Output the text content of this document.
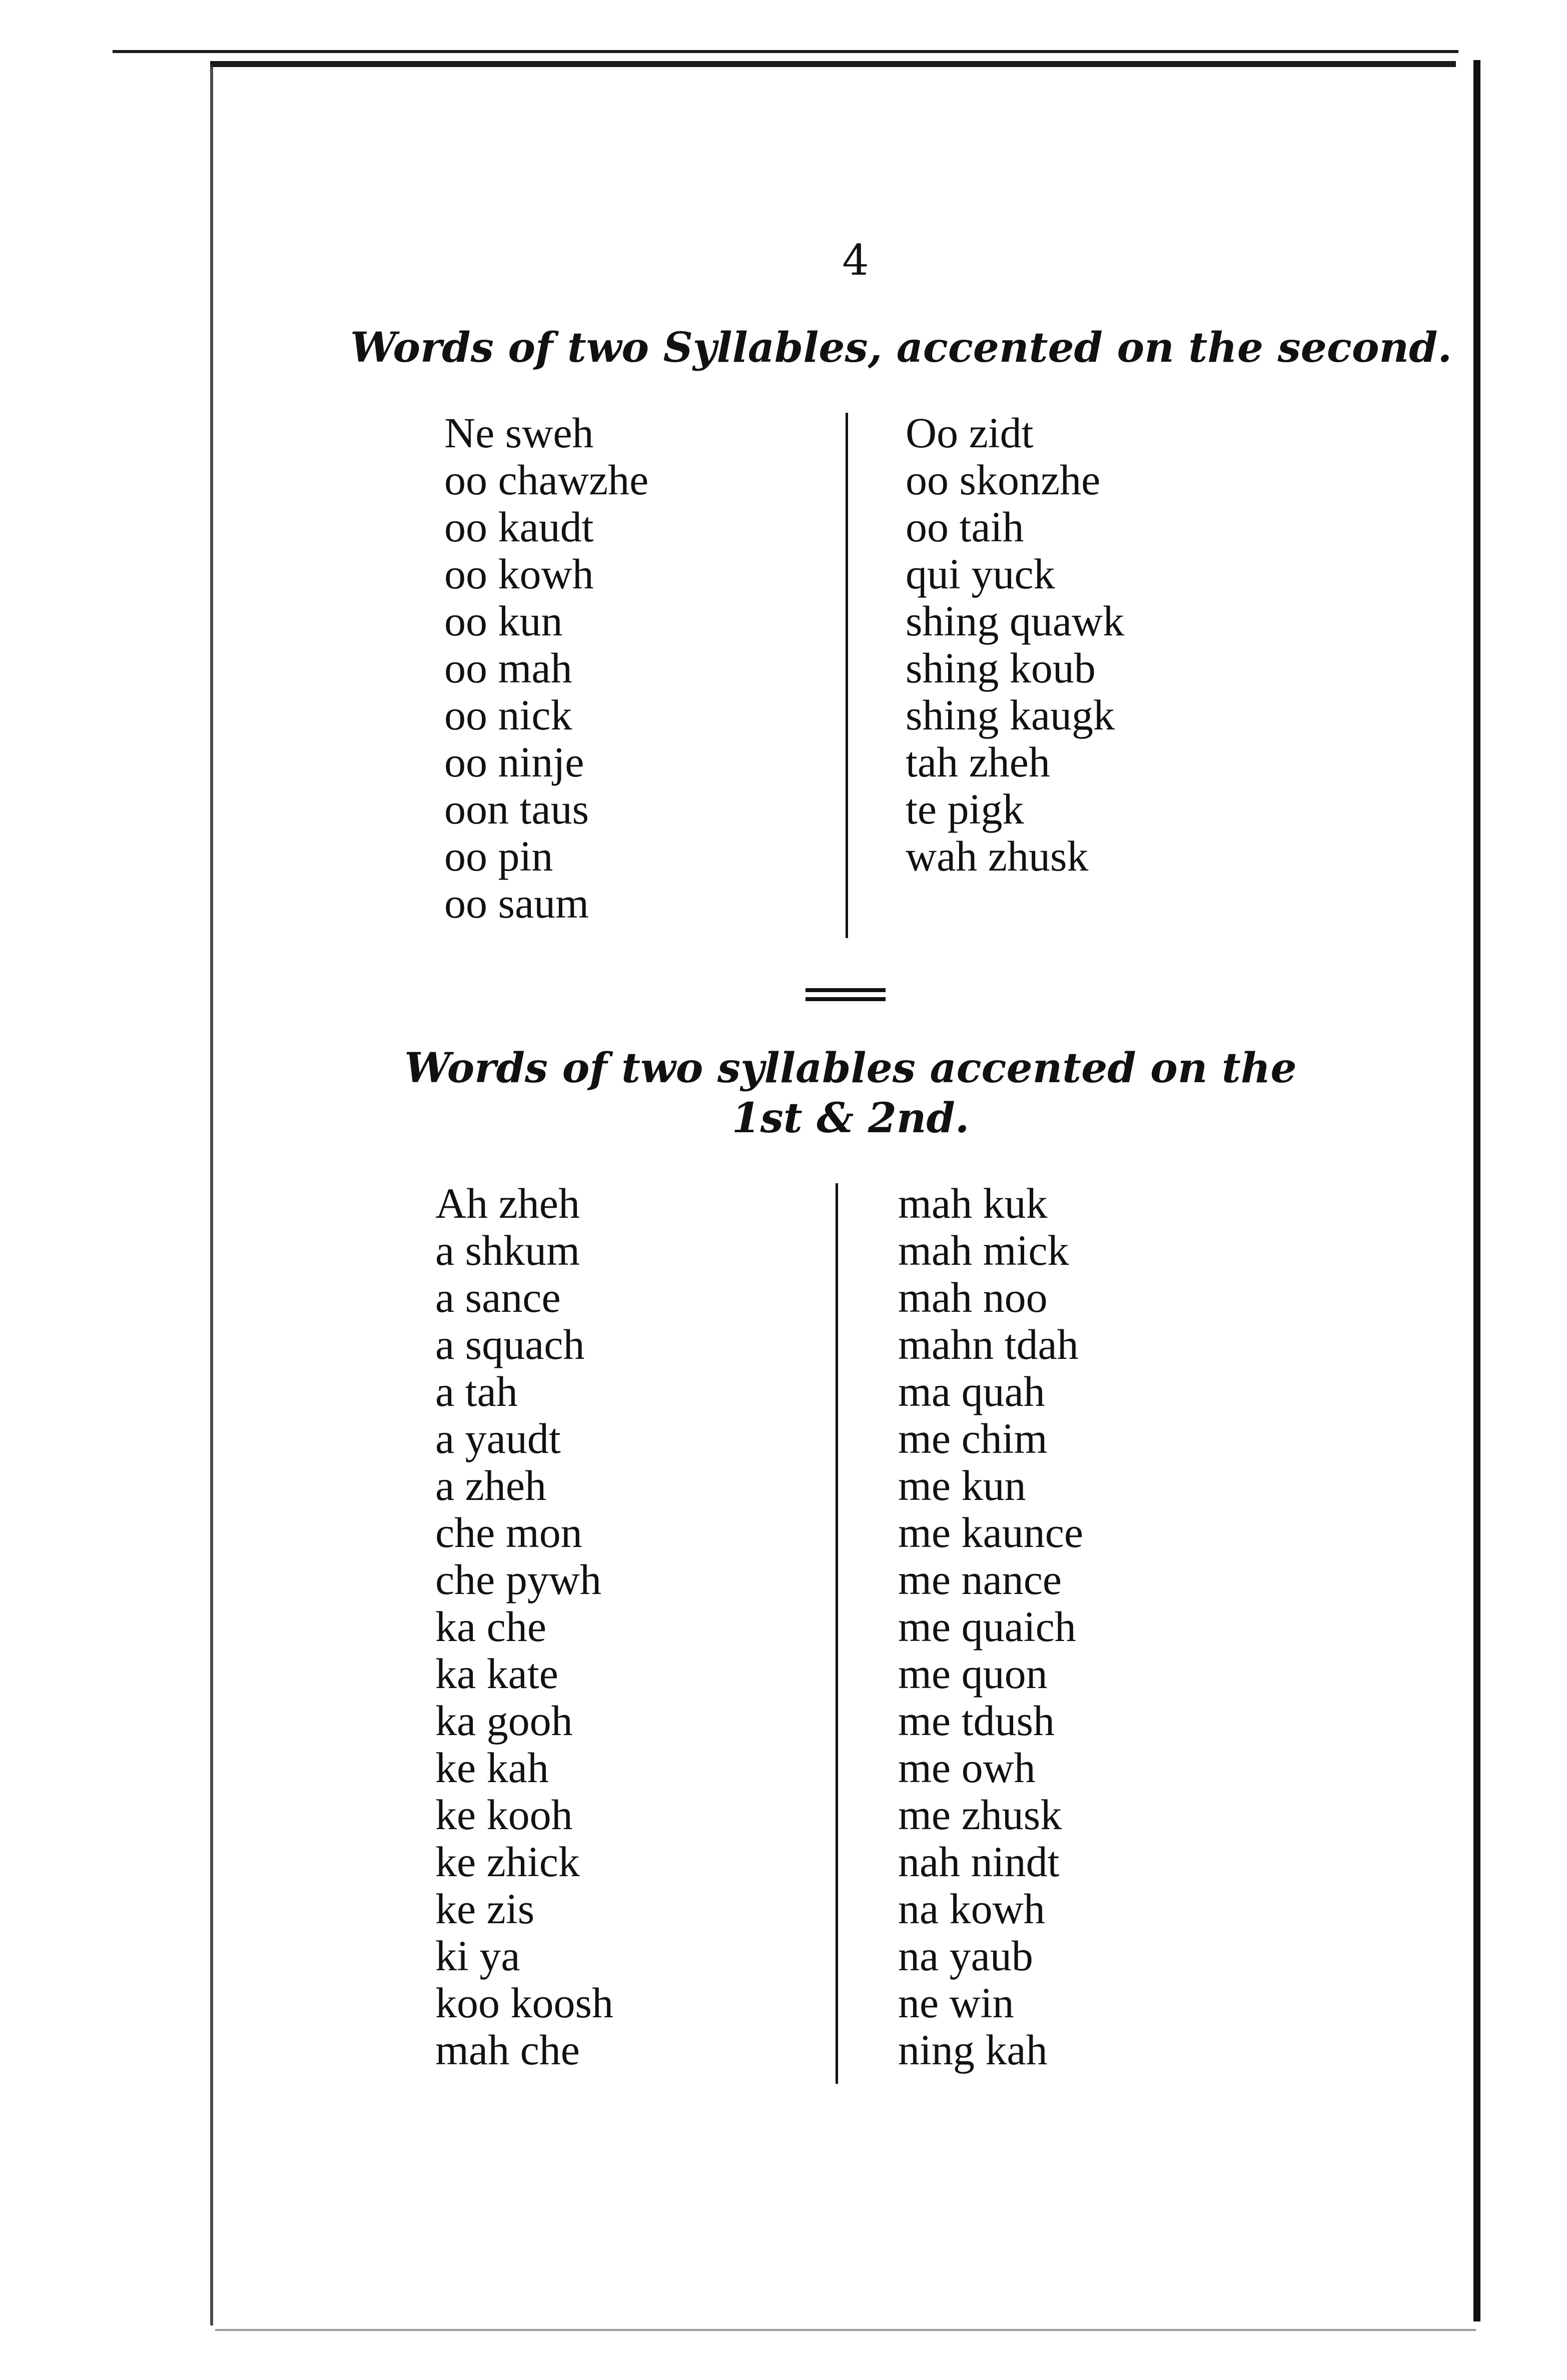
4
Words of two Syllables, accented on the second.
Ne sweh
oo chawzhe
oo kaudt
oo kowh
oo kun
oo mah
oo nick
oo ninje
oon taus
oo pin
oo saum
Oo zidt
oo skonzhe
oo taih
qui yuck
shing quawk
shing koub
shing kaugk
tah zheh
te pigk
wah zhusk
Words of two syllables accented on the
1st & 2nd.
Ah zheh
a shkum
a sance
a squach
a tah
a yaudt
a zheh
che mon
che pywh
ka che
ka kate
ka gooh
ke kah
ke kooh
ke zhick
ke zis
ki ya
koo koosh
mah che
mah kuk
mah mick
mah noo
mahn tdah
ma quah
me chim
me kun
me kaunce
me nance
me quaich
me quon
me tdush
me owh
me zhusk
nah nindt
na kowh
na yaub
ne win
ning kah
